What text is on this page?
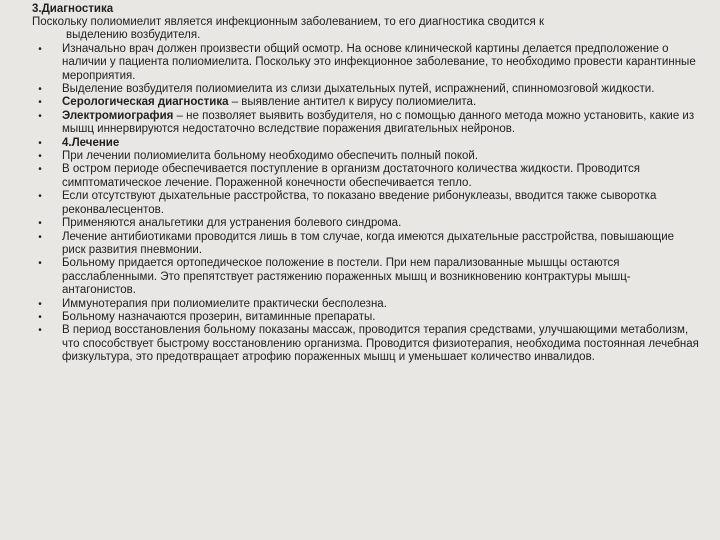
3.Диагностика
Поскольку полиомиелит является инфекционным заболеванием, то его диагностика сводится к
выделению возбудителя.
•	Изначально врач должен произвести общий осмотр. На основе клинической картины делается предположение о наличии у пациента полиомиелита. Поскольку это инфекционное заболевание, то необходимо провести карантинные мероприятия.
•	Выделение возбудителя полиомиелита из слизи дыхательных путей, испражнений, спинномозговой жидкости.
•	Серологическая диагностика – выявление антител к вирусу полиомиелита.
•	Электромиография – не позволяет выявить возбудителя, но с помощью данного метода можно установить, какие из мышц иннервируются недостаточно вследствие поражения двигательных нейронов.
•	4.Лечение
•	При лечении полиомиелита больному необходимо обеспечить полный покой.
•	В остром периоде обеспечивается поступление в организм достаточного количества жидкости. Проводится симптоматическое лечение. Пораженной конечности обеспечивается тепло.
•	Если отсутствуют дыхательные расстройства, то показано введение рибонуклеазы, вводится также сыворотка реконвалесцентов.
•	Применяются анальгетики для устранения болевого синдрома.
•	Лечение антибиотиками проводится лишь в том случае, когда имеются дыхательные расстройства, повышающие риск развития пневмонии.
•	Больному придается ортопедическое положение в постели. При нем парализованные мышцы остаются расслабленными. Это препятствует растяжению пораженных мышц и возникновению контрактуры мышц-антагонистов.
•	Иммунотерапия при полиомиелите практически бесполезна.
•	Больному назначаются прозерин, витаминные препараты.
•	В период восстановления больному показаны массаж, проводится терапия средствами, улучшающими метаболизм, что способствует быстрому восстановлению организма. Проводится физиотерапия, необходима постоянная лечебная физкультура, это предотвращает атрофию пораженных мышц и уменьшает количество инвалидов.
